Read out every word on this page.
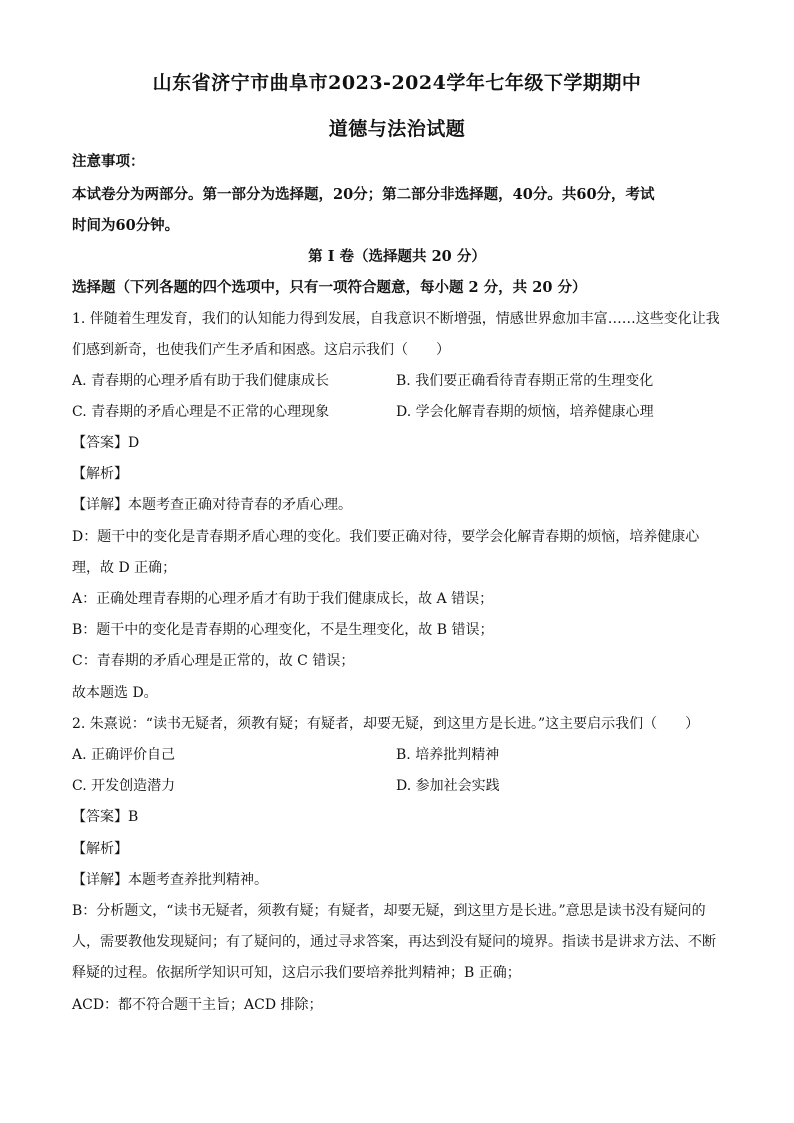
山东省济宁市曲阜市2023-2024学年七年级下学期期中
道德与法治试题
注意事项：
本试卷分为两部分。第一部分为选择题，20分；第二部分非选择题，40分。共60分，考试
时间为60分钟。
第 I 卷（选择题共 20 分）
选择题（下列各题的四个选项中，只有一项符合题意，每小题 2 分，共 20 分）
1. 伴随着生理发育，我们的认知能力得到发展，自我意识不断增强，情感世界愈加丰富……这些变化让我
们感到新奇，也使我们产生矛盾和困惑。这启示我们（　　）
A. 青春期的心理矛盾有助于我们健康成长	B. 我们要正确看待青春期正常的生理变化
C. 青春期的矛盾心理是不正常的心理现象	D. 学会化解青春期的烦恼，培养健康心理
【答案】D
【解析】
【详解】本题考查正确对待青春的矛盾心理。
D：题干中的变化是青春期矛盾心理的变化。我们要正确对待，要学会化解青春期的烦恼，培养健康心
理，故 D 正确；
A：正确处理青春期的心理矛盾才有助于我们健康成长，故 A 错误；
B：题干中的变化是青春期的心理变化，不是生理变化，故 B 错误；
C：青春期的矛盾心理是正常的，故 C 错误；
故本题选 D。
2. 朱熹说：“读书无疑者，须教有疑；有疑者，却要无疑，到这里方是长进。”这主要启示我们（　　）
A. 正确评价自己	B. 培养批判精神
C. 开发创造潜力	D. 参加社会实践
【答案】B
【解析】
【详解】本题考查养批判精神。
B：分析题文，“读书无疑者，须教有疑；有疑者，却要无疑，到这里方是长进。”意思是读书没有疑问的
人，需要教他发现疑问；有了疑问的，通过寻求答案，再达到没有疑问的境界。指读书是讲求方法、不断
释疑的过程。依据所学知识可知，这启示我们要培养批判精神；B 正确；
ACD：都不符合题干主旨；ACD 排除；
